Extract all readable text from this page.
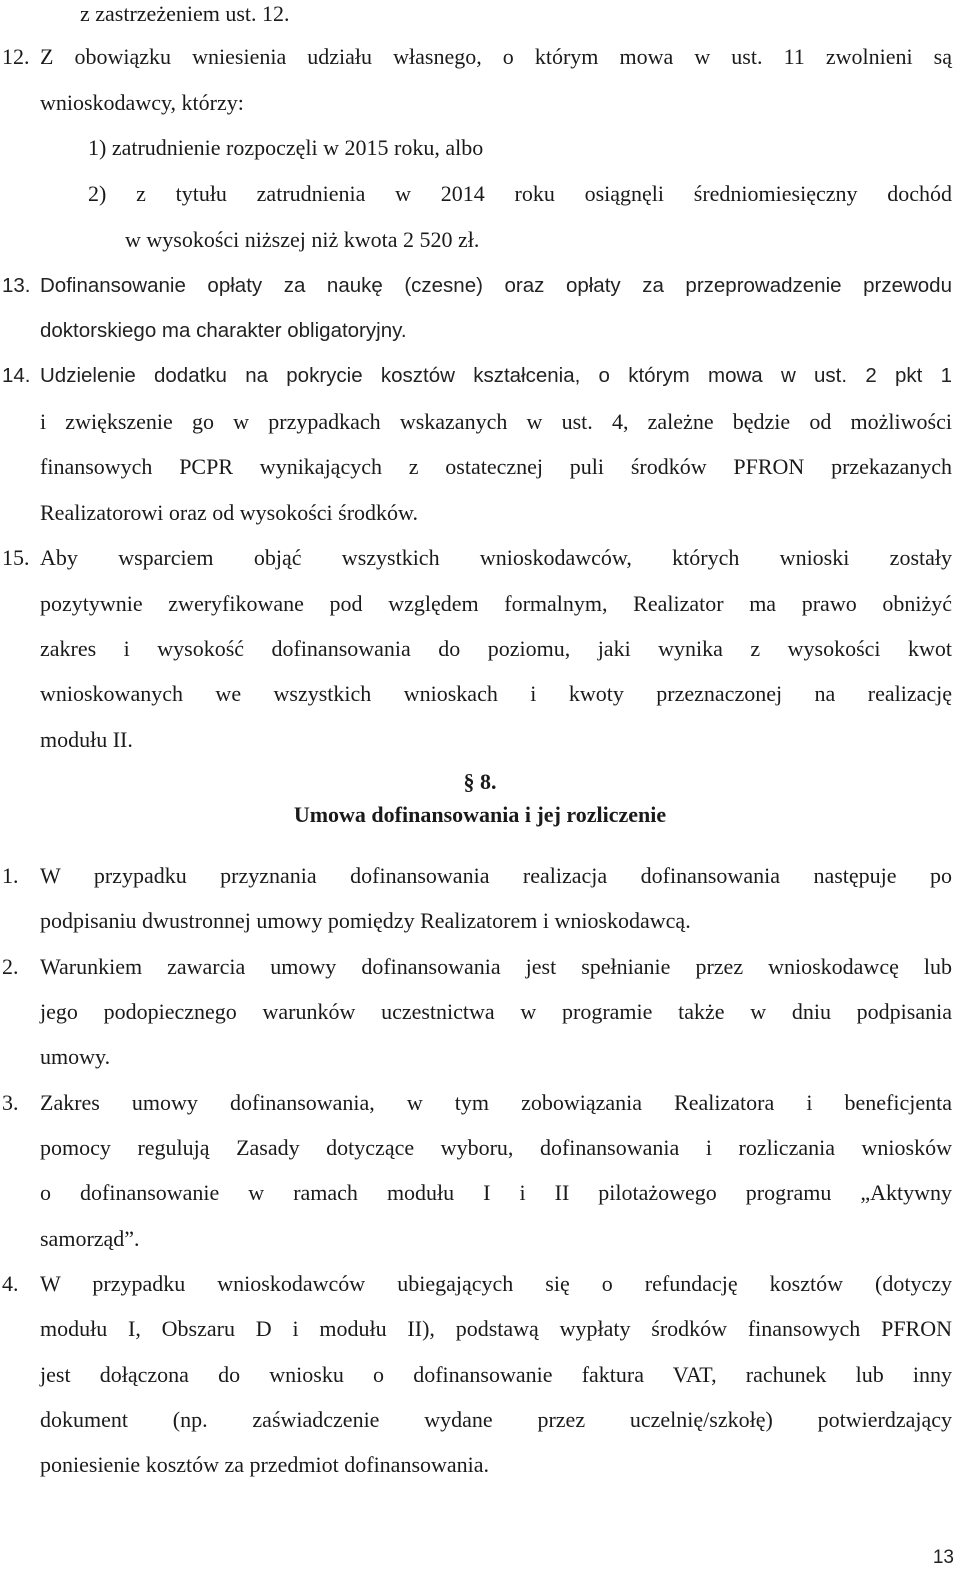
z zastrzeżeniem ust. 12.
12. Z obowiązku wniesienia udziału własnego, o którym mowa w ust. 11 zwolnieni są
wnioskodawcy, którzy:
1) zatrudnienie rozpoczęli w 2015 roku, albo
2) z tytułu zatrudnienia w 2014 roku osiągnęli średniomiesięczny dochód
w wysokości niższej niż kwota 2 520 zł.
13. Dofinansowanie opłaty za naukę (czesne) oraz opłaty za przeprowadzenie przewodu
doktorskiego ma charakter obligatoryjny.
14. Udzielenie dodatku na pokrycie kosztów kształcenia, o którym mowa w ust. 2 pkt 1
i zwiększenie go w przypadkach wskazanych w ust. 4, zależne będzie od możliwości
finansowych PCPR wynikających z ostatecznej puli środków PFRON przekazanych
Realizatorowi oraz od wysokości środków.
15. Aby wsparciem objąć wszystkich wnioskodawców, których wnioski zostały
pozytywnie zweryfikowane pod względem formalnym, Realizator ma prawo obniżyć
zakres i wysokość dofinansowania do poziomu, jaki wynika z wysokości kwot
wnioskowanych we wszystkich wnioskach i kwoty przeznaczonej na realizację
modułu II.
§ 8.
Umowa dofinansowania i jej rozliczenie
1. W przypadku przyznania dofinansowania realizacja dofinansowania następuje po
podpisaniu dwustronnej umowy pomiędzy Realizatorem i wnioskodawcą.
2. Warunkiem zawarcia umowy dofinansowania jest spełnianie przez wnioskodawcę lub
jego podopiecznego warunków uczestnictwa w programie także w dniu podpisania
umowy.
3. Zakres umowy dofinansowania, w tym zobowiązania Realizatora i beneficjenta
pomocy regulują Zasady dotyczące wyboru, dofinansowania i rozliczania wniosków
o dofinansowanie w ramach modułu I i II pilotażowego programu „Aktywny
samorząd”.
4. W przypadku wnioskodawców ubiegających się o refundację kosztów (dotyczy
modułu I, Obszaru D i modułu II), podstawą wypłaty środków finansowych PFRON
jest dołączona do wniosku o dofinansowanie faktura VAT, rachunek lub inny
dokument (np. zaświadczenie wydane przez uczelnię/szkołę) potwierdzający
poniesienie kosztów za przedmiot dofinansowania.
13
